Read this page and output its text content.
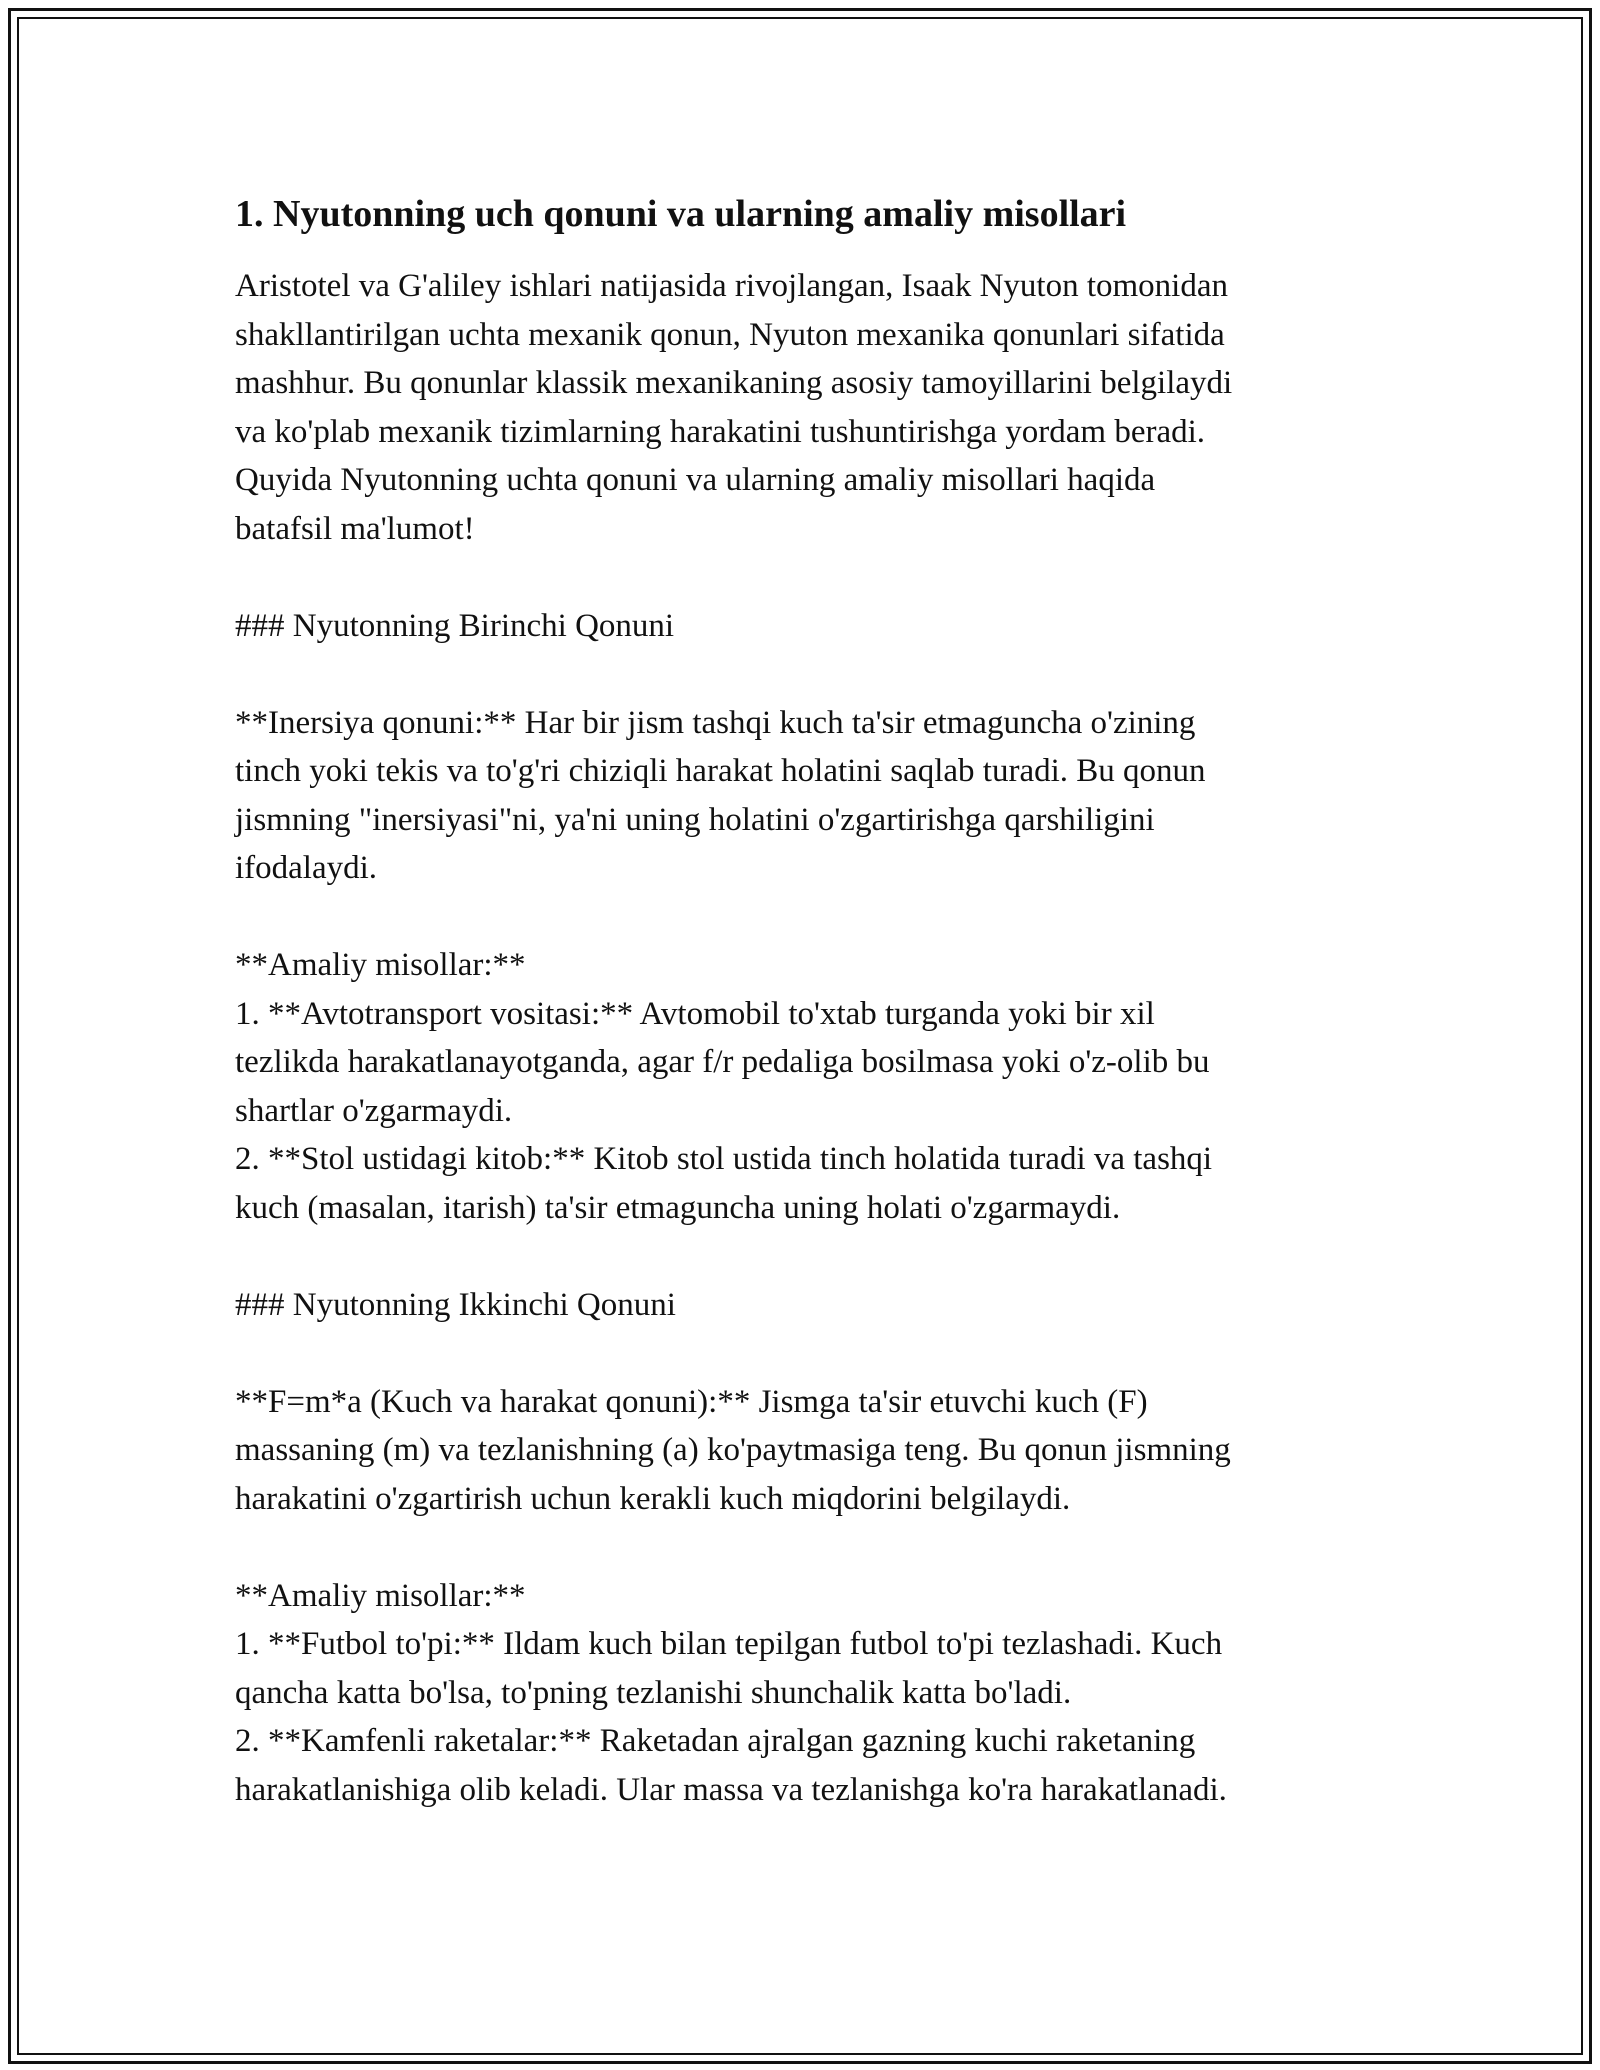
1. Nyutonning uch qonuni va ularning amaliy misollari
Aristotel va G'aliley ishlari natijasida rivojlangan, Isaak Nyuton tomonidan
shakllantirilgan uchta mexanik qonun, Nyuton mexanika qonunlari sifatida
mashhur. Bu qonunlar klassik mexanikaning asosiy tamoyillarini belgilaydi
va ko'plab mexanik tizimlarning harakatini tushuntirishga yordam beradi.
Quyida Nyutonning uchta qonuni va ularning amaliy misollari haqida
batafsil ma'lumot!

### Nyutonning Birinchi Qonuni

**Inersiya qonuni:** Har bir jism tashqi kuch ta'sir etmaguncha o'zining
tinch yoki tekis va to'g'ri chiziqli harakat holatini saqlab turadi. Bu qonun
jismning "inersiyasi"ni, ya'ni uning holatini o'zgartirishga qarshiligini
ifodalaydi.

**Amaliy misollar:**
1. **Avtotransport vositasi:** Avtomobil to'xtab turganda yoki bir xil
tezlikda harakatlanayotganda, agar f/r pedaliga bosilmasa yoki o'z-olib bu
shartlar o'zgarmaydi.
2. **Stol ustidagi kitob:** Kitob stol ustida tinch holatida turadi va tashqi
kuch (masalan, itarish) ta'sir etmaguncha uning holati o'zgarmaydi.

### Nyutonning Ikkinchi Qonuni

**F=m*a (Kuch va harakat qonuni):** Jismga ta'sir etuvchi kuch (F)
massaning (m) va tezlanishning (a) ko'paytmasiga teng. Bu qonun jismning
harakatini o'zgartirish uchun kerakli kuch miqdorini belgilaydi.

**Amaliy misollar:**
1. **Futbol to'pi:** Ildam kuch bilan tepilgan futbol to'pi tezlashadi. Kuch
qancha katta bo'lsa, to'pning tezlanishi shunchalik katta bo'ladi.
2. **Kamfenli raketalar:** Raketadan ajralgan gazning kuchi raketaning
harakatlanishiga olib keladi. Ular massa va tezlanishga ko'ra harakatlanadi.
